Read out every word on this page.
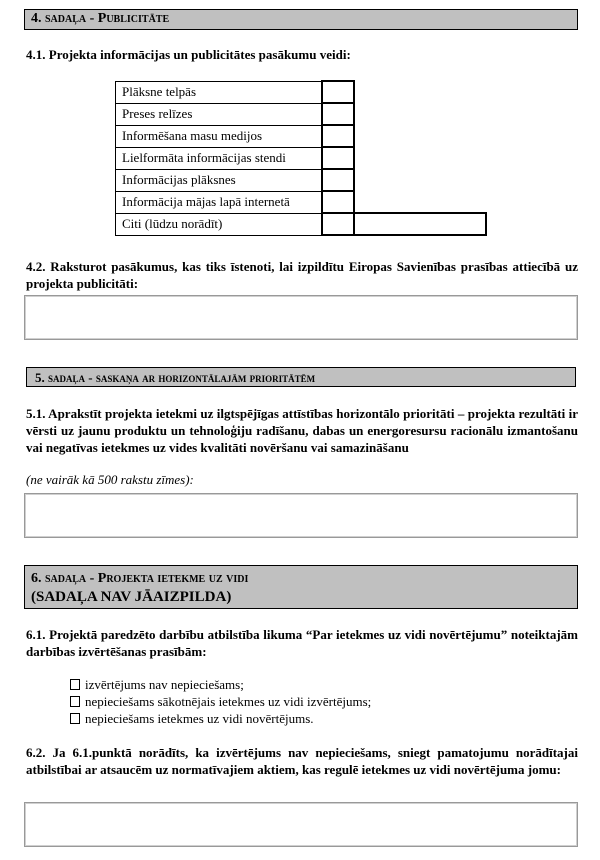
4. sadaļa - Publicitāte
4.1. Projekta informācijas un publicitātes pasākumu veidi:
Plāksne telpās		
Preses relīzes		
Informēšana masu medijos		
Lielformāta informācijas stendi		
Informācijas plāksnes		
Informācija mājas lapā internetā		
Citi (lūdzu norādīt)		
4.2. Raksturot pasākumus, kas tiks īstenoti, lai izpildītu Eiropas Savienības prasības attiecībā uz projekta publicitāti:
5. sadaļa - saskaņa ar horizontālajām prioritātēm
5.1. Aprakstīt projekta ietekmi uz ilgtspējīgas attīstības horizontālo prioritāti – projekta rezultāti ir vērsti uz jaunu produktu un tehnoloģiju radīšanu, dabas un energoresursu racionālu izmantošanu vai negatīvas ietekmes uz vides kvalitāti novēršanu vai samazināšanu
(ne vairāk kā 500 rakstu zīmes):
6. sadaļa - Projekta ietekme uz vidi
(SADAĻA NAV JĀAIZPILDA)
6.1. Projektā paredzēto darbību atbilstība likuma “Par ietekmes uz vidi novērtējumu” noteiktajām darbības izvērtēšanas prasībām:
izvērtējums nav nepieciešams;
nepieciešams sākotnējais ietekmes uz vidi izvērtējums;
nepieciešams ietekmes uz vidi novērtējums.
6.2. Ja 6.1.punktā norādīts, ka izvērtējums nav nepieciešams, sniegt pamatojumu norādītajai atbilstībai ar atsaucēm uz normatīvajiem aktiem, kas regulē ietekmes uz vidi novērtējuma jomu:
